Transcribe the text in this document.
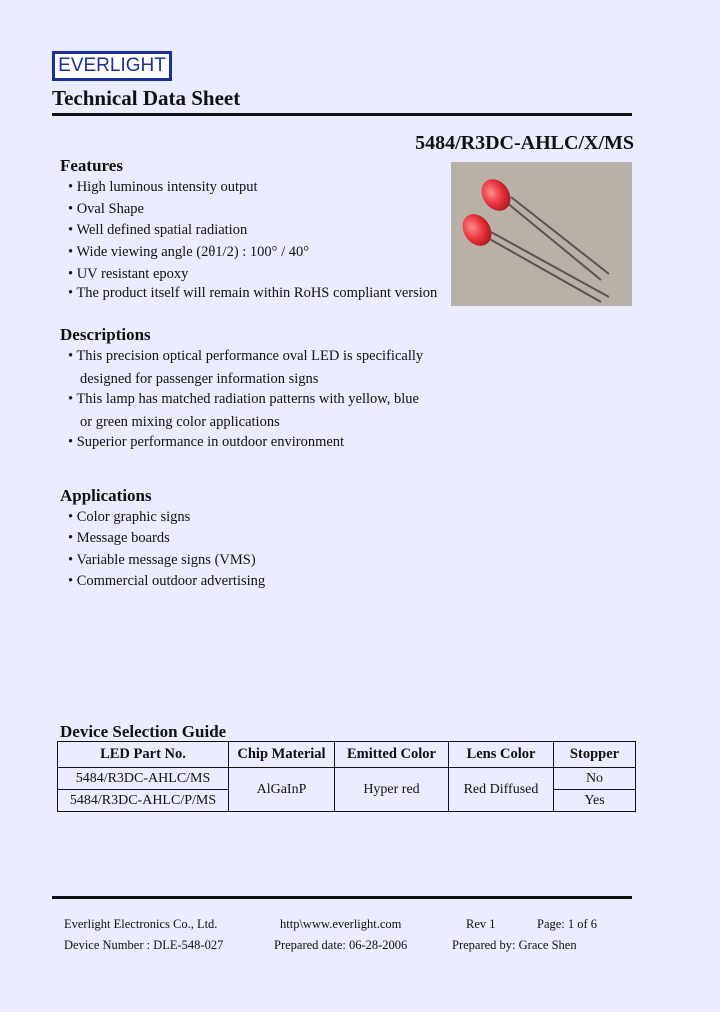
EVERLIGHT
Technical Data Sheet
5484/R3DC-AHLC/X/MS
Features
• High luminous intensity output
• Oval Shape
• Well defined spatial radiation
• Wide viewing angle (2θ1/2) : 100° / 40°
• UV resistant epoxy
• The product itself will remain within RoHS compliant version
Descriptions
• This precision optical performance oval LED is specifically
designed for passenger information signs
• This lamp has matched radiation patterns with yellow, blue
or green mixing color applications
• Superior performance in outdoor environment
Applications
• Color graphic signs
• Message boards
• Variable message signs (VMS)
• Commercial outdoor advertising
Device Selection Guide
LED Part No.	Chip Material	Emitted Color	Lens Color	Stopper
5484/R3DC-AHLC/MS	AlGaInP	Hyper red	Red Diffused	No
5484/R3DC-AHLC/P/MS				Yes
Everlight Electronics Co., Ltd.	http\www.everlight.com	Rev 1	Page: 1 of 6
Device Number : DLE-548-027	Prepared date: 06-28-2006	Prepared by: Grace Shen
